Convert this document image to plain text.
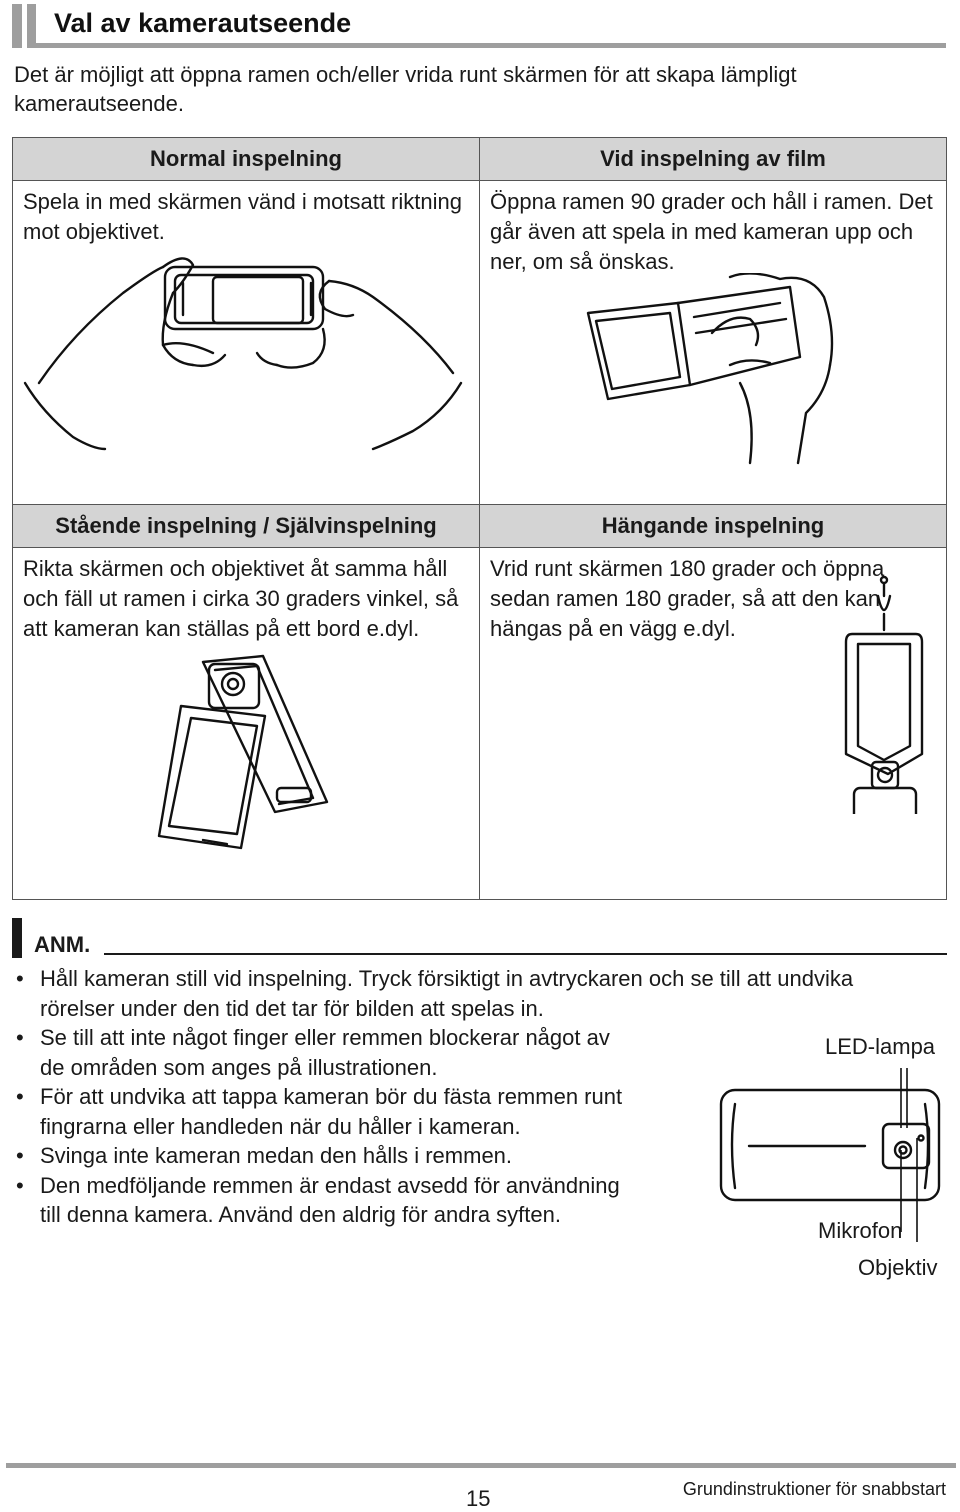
Val av kamerautseende

Det är möjligt att öppna ramen och/eller vrida runt skärmen för att skapa lämpligt kamerautseende.

Normal inspelning	Vid inspelning av film

Spela in med skärmen vänd i motsatt riktning mot objektivet.	Öppna ramen 90 grader och håll i ramen. Det går även att spela in med kameran upp och ner, om så önskas.

Stående inspelning / Självinspelning	Hängande inspelning

Rikta skärmen och objektivet åt samma håll och fäll ut ramen i cirka 30 graders vinkel, så att kameran kan ställas på ett bord e.dyl.	Vrid runt skärmen 180 grader och öppna sedan ramen 180 grader, så att den kan hängas på en vägg e.dyl.
ANM.
• Håll kameran still vid inspelning. Tryck försiktigt in avtryckaren och se till att undvika rörelser under den tid det tar för bilden att spelas in.
• Se till att inte något finger eller remmen blockerar något av de områden som anges på illustrationen.
• För att undvika att tappa kameran bör du fästa remmen runt fingrarna eller handleden när du håller i kameran.
• Svinga inte kameran medan den hålls i remmen.
• Den medföljande remmen är endast avsedd för användning till denna kamera. Använd den aldrig för andra syften.
LED-lampa
Mikrofon
Objektiv
15	Grundinstruktioner för snabbstart
